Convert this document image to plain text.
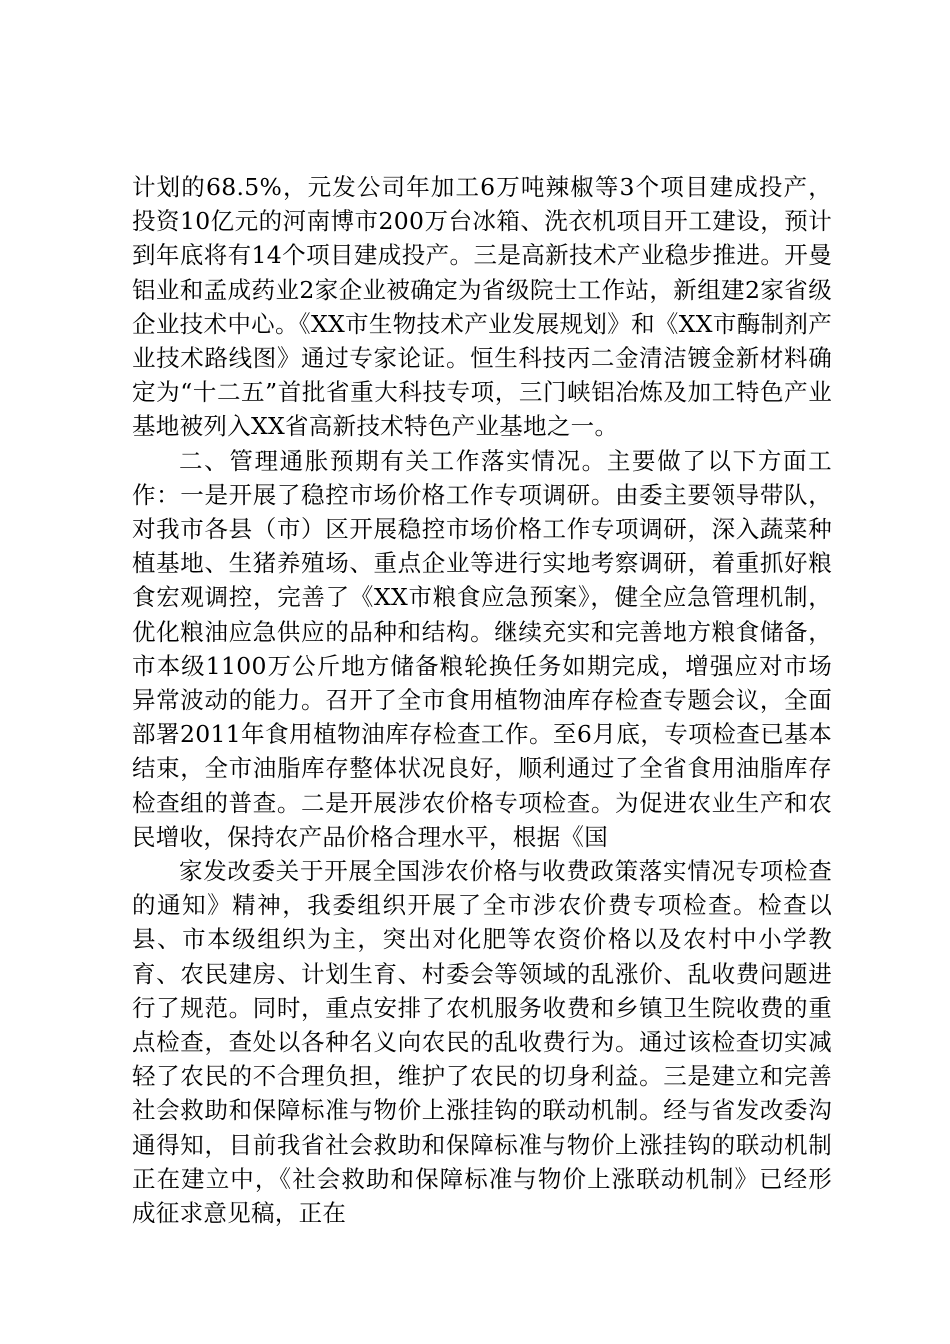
计划的68.5%，元发公司年加工6万吨辣椒等3个项目建成投产，投资10亿元的河南博市200万台冰箱、洗衣机项目开工建设，预计到年底将有14个项目建成投产。三是高新技术产业稳步推进。开曼铝业和孟成药业2家企业被确定为省级院士工作站，新组建2家省级企业技术中心。《XX市生物技术产业发展规划》和《XX市酶制剂产业技术路线图》通过专家论证。恒生科技丙二金清洁镀金新材料确定为“十二五”首批省重大科技专项，三门峡铝冶炼及加工特色产业基地被列入XX省高新技术特色产业基地之一。

二、管理通胀预期有关工作落实情况。主要做了以下方面工作：一是开展了稳控市场价格工作专项调研。由委主要领导带队，对我市各县（市）区开展稳控市场价格工作专项调研，深入蔬菜种植基地、生猪养殖场、重点企业等进行实地考察调研，着重抓好粮食宏观调控，完善了《XX市粮食应急预案》，健全应急管理机制，优化粮油应急供应的品种和结构。继续充实和完善地方粮食储备，市本级1100万公斤地方储备粮轮换任务如期完成，增强应对市场异常波动的能力。召开了全市食用植物油库存检查专题会议，全面部署2011年食用植物油库存检查工作。至6月底，专项检查已基本结束，全市油脂库存整体状况良好，顺利通过了全省食用油脂库存检查组的普查。二是开展涉农价格专项检查。为促进农业生产和农民增收，保持农产品价格合理水平，根据《国

家发改委关于开展全国涉农价格与收费政策落实情况专项检查的通知》精神，我委组织开展了全市涉农价费专项检查。检查以县、市本级组织为主，突出对化肥等农资价格以及农村中小学教育、农民建房、计划生育、村委会等领域的乱涨价、乱收费问题进行了规范。同时，重点安排了农机服务收费和乡镇卫生院收费的重点检查，查处以各种名义向农民的乱收费行为。通过该检查切实减轻了农民的不合理负担，维护了农民的切身利益。三是建立和完善社会救助和保障标准与物价上涨挂钩的联动机制。经与省发改委沟通得知，目前我省社会救助和保障标准与物价上涨挂钩的联动机制正在建立中，《社会救助和保障标准与物价上涨联动机制》已经形成征求意见稿，正在
